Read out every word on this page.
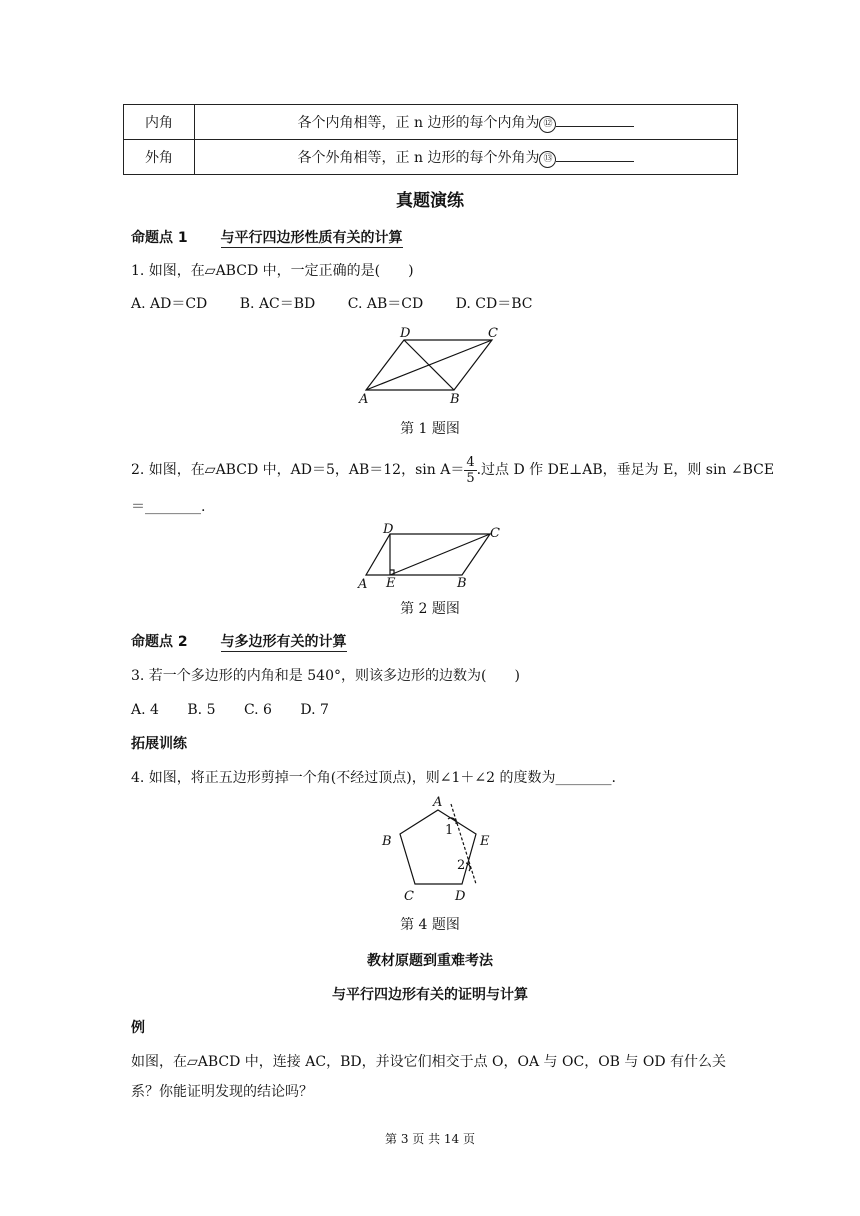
内角	各个内角相等，正 n 边形的每个内角为 ⑫
外角	各个外角相等，正 n 边形的每个外角为 ⑬
真题演练
命题点 1 与平行四边形性质有关的计算
1. 如图，在▱ABCD 中，一定正确的是(　　)
A. AD＝CD B. AC＝BD C. AB＝CD D. CD＝BC
A	B
C
D
第 1 题图
2. 如图，在▱ABCD 中，AD＝5，AB＝12，$\sin A= \frac{4}{5}$ .过点 D 作 DE⊥AB，垂足为 E，则 sin ∠BCE
＝________.
A E	B
C
D
第 2 题图
命题点 2 与多边形有关的计算
3. 若一个多边形的内角和是 540°，则该多边形的边数为(　　)
A. 4 B. 5 C. 6 D. 7
拓展训练
4. 如图，将正五边形剪掉一个角(不经过顶点)，则∠1＋∠2 的度数为________.
A
B
C	D
E
1
2
第 4 题图
教材原题到重难考法
与平行四边形有关的证明与计算
例
如图，在▱ABCD 中，连接 AC，BD，并设它们相交于点 O，OA 与 OC，OB 与 OD 有什么关
系？你能证明发现的结论吗？
第 3 页 共 14 页
